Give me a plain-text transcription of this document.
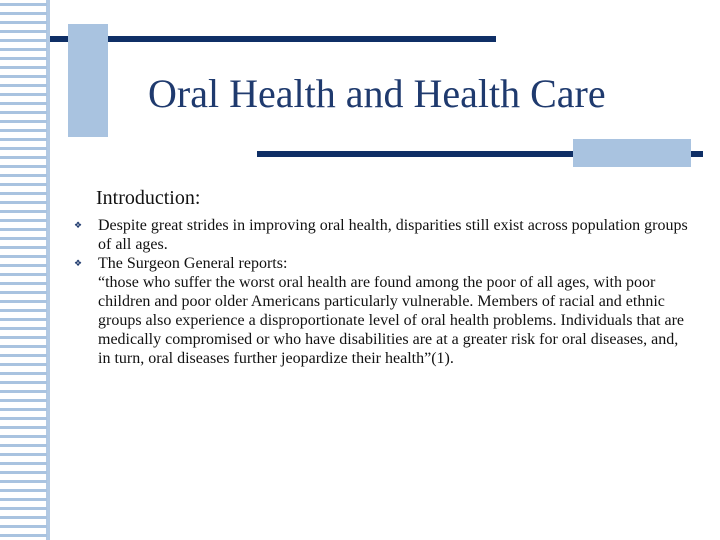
Oral Health and Health Care

Introduction:

❖ Despite great strides in improving oral health, disparities still exist across population groups of all ages.
❖ The Surgeon General reports:
“those who suffer the worst oral health are found among the poor of all ages, with poor children and poor older Americans particularly vulnerable. Members of racial and ethnic groups also experience a disproportionate level of oral health problems. Individuals that are medically compromised or who have disabilities are at a greater risk for oral diseases, and, in turn, oral diseases further jeopardize their health”(1).
